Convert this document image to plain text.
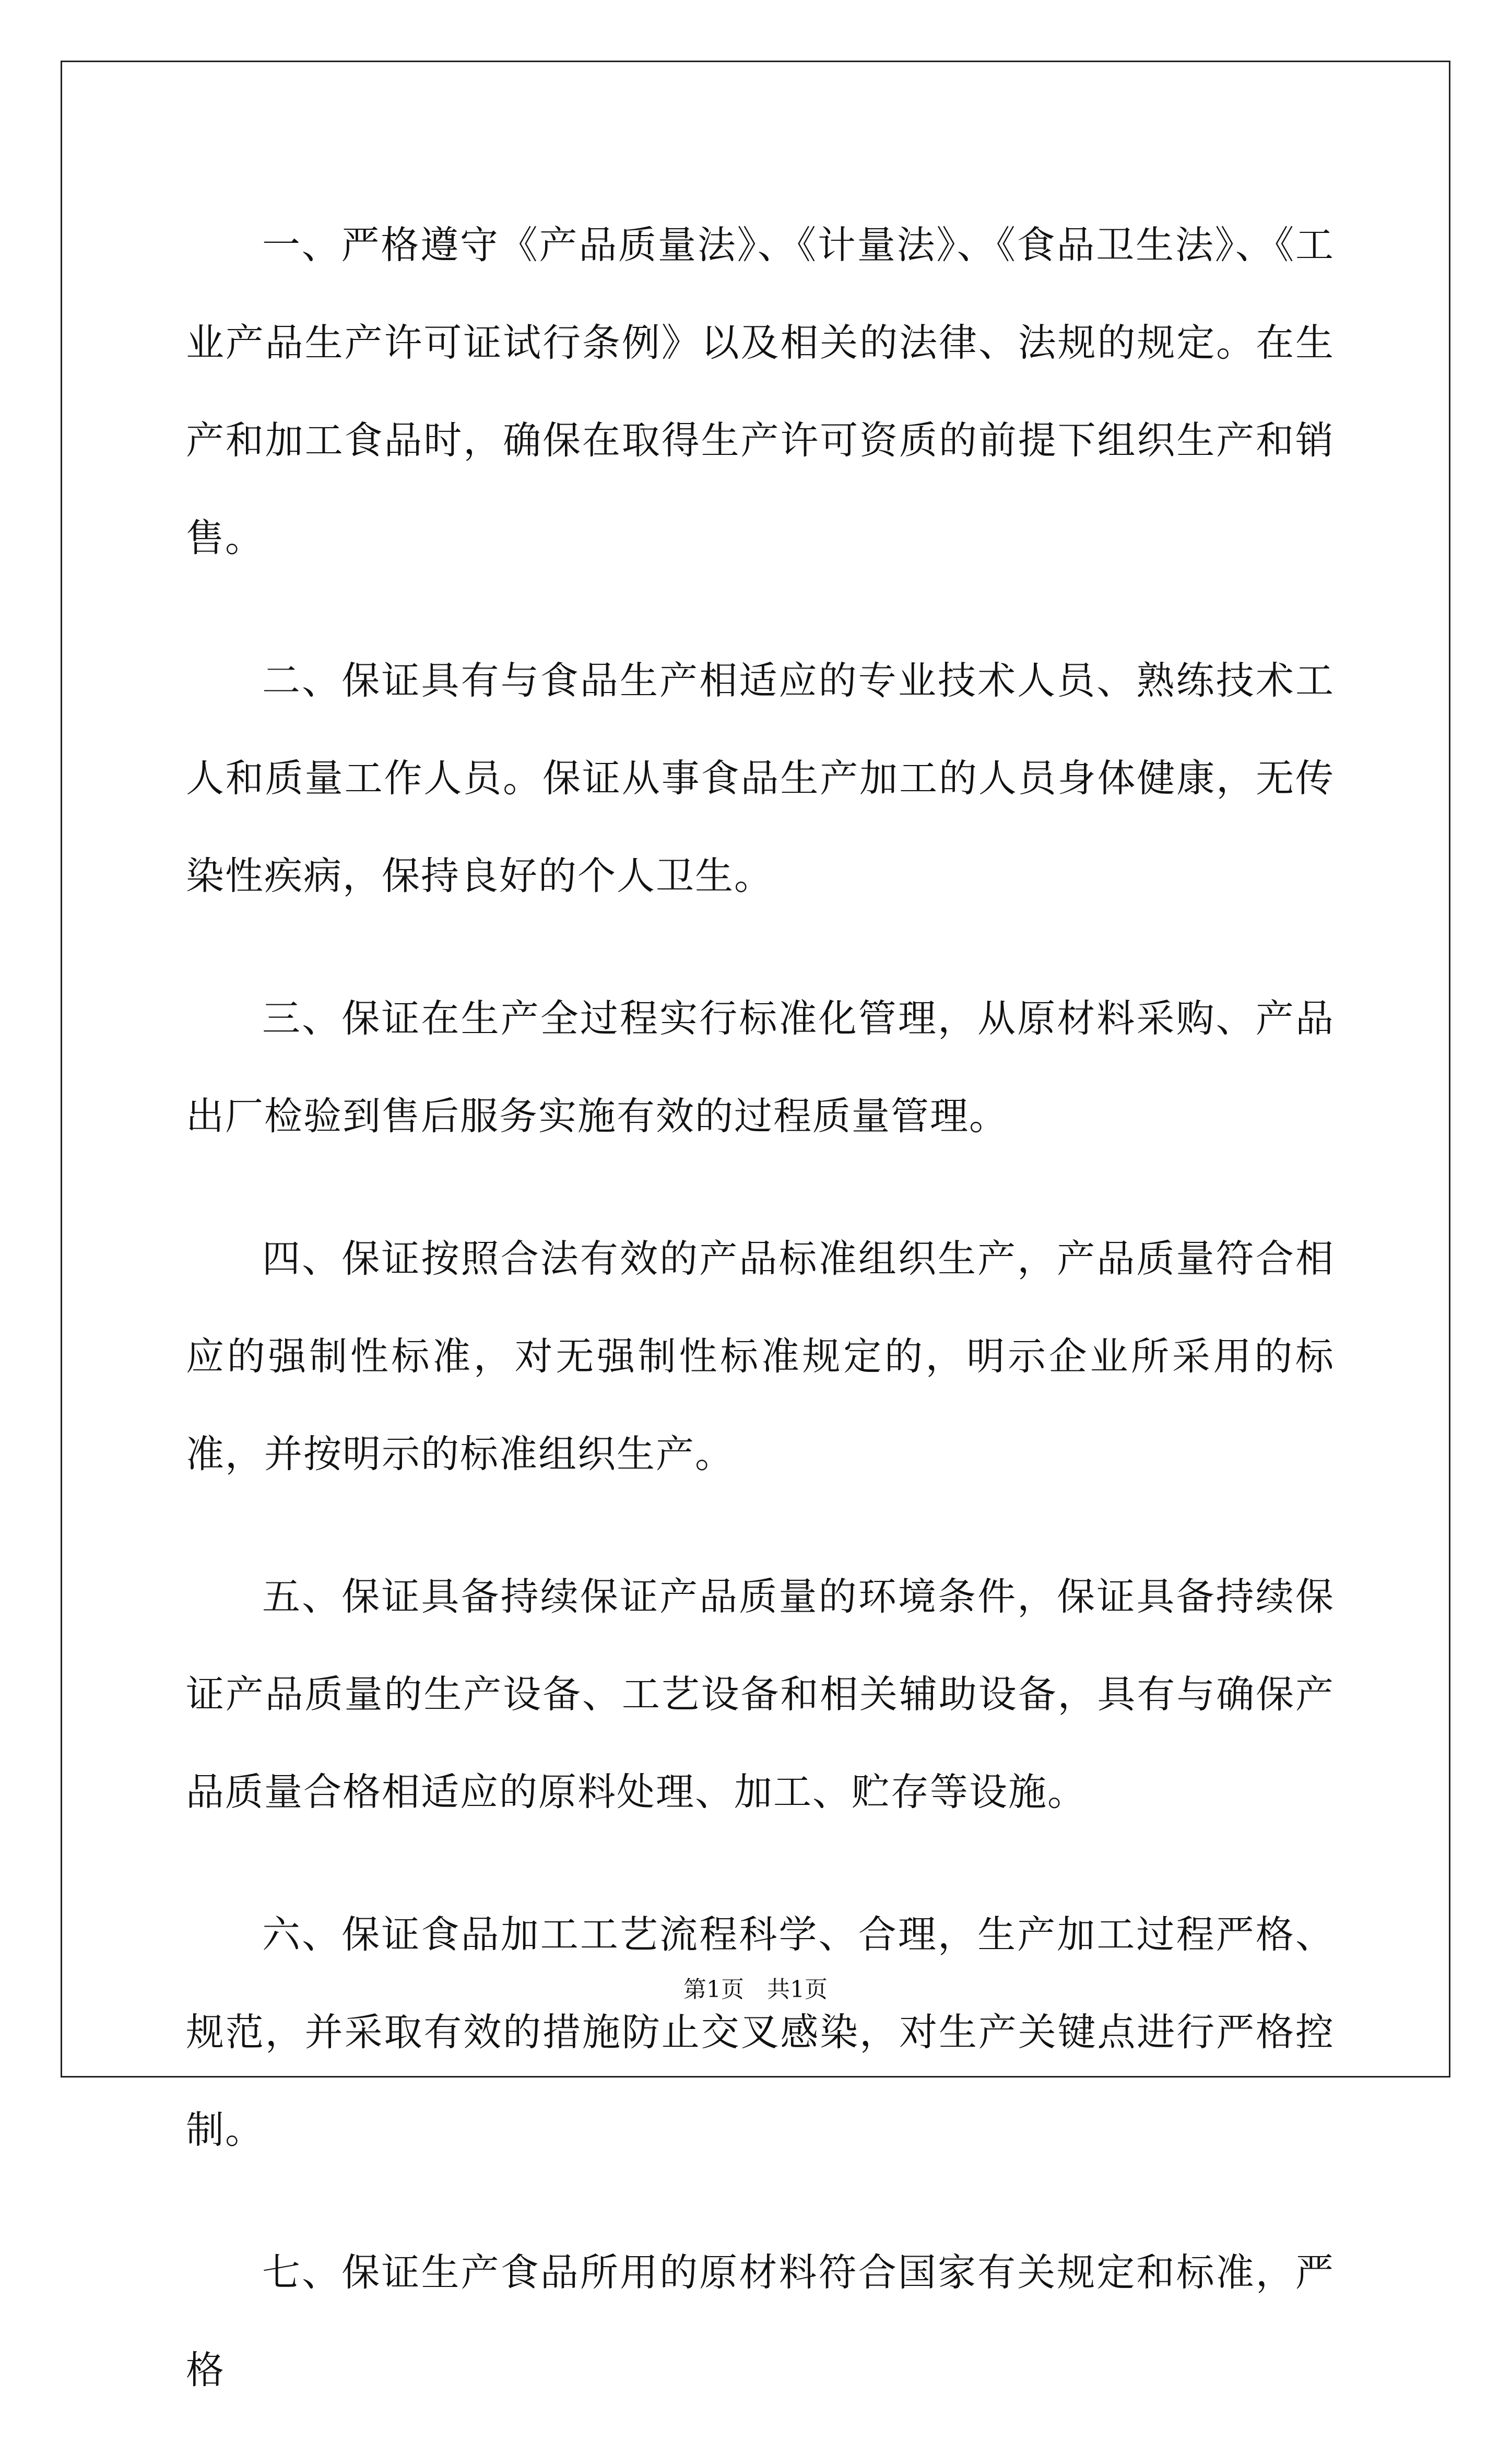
一、严格遵守《产品质量法》、《计量法》、《食品卫生法》、《工业产品生产许可证试行条例》以及相关的法律、法规的规定。在生产和加工食品时，确保在取得生产许可资质的前提下组织生产和销售。

二、保证具有与食品生产相适应的专业技术人员、熟练技术工人和质量工作人员。保证从事食品生产加工的人员身体健康，无传染性疾病，保持良好的个人卫生。

三、保证在生产全过程实行标准化管理，从原材料采购、产品出厂检验到售后服务实施有效的过程质量管理。

四、保证按照合法有效的产品标准组织生产，产品质量符合相应的强制性标准，对无强制性标准规定的，明示企业所采用的标准，并按明示的标准组织生产。

五、保证具备持续保证产品质量的环境条件，保证具备持续保证产品质量的生产设备、工艺设备和相关辅助设备，具有与确保产品质量合格相适应的原料处理、加工、贮存等设施。

六、保证食品加工工艺流程科学、合理，生产加工过程严格、规范，并采取有效的措施防止交叉感染，对生产关键点进行严格控制。

七、保证生产食品所用的原材料符合国家有关规定和标准，严格

第1页　共1页
